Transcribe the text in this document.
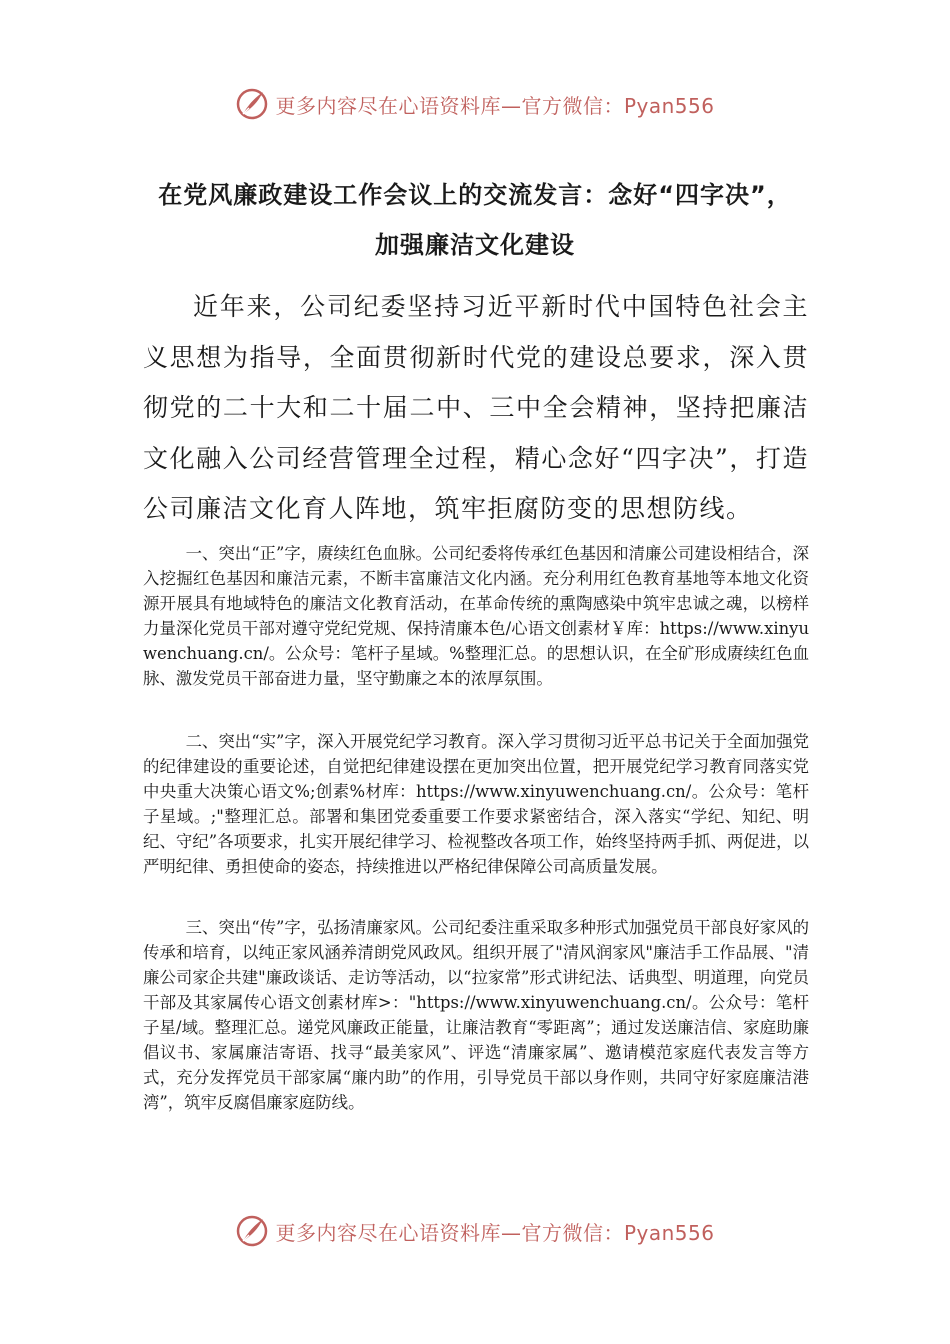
更多内容尽在心语资料库—官方微信：Pyan556
在党风廉政建设工作会议上的交流发言：念好“四字决”，
加强廉洁文化建设

近年来，公司纪委坚持习近平新时代中国特色社会主义思想为指导，全面贯彻新时代党的建设总要求，深入贯彻党的二十大和二十届二中、三中全会精神，坚持把廉洁文化融入公司经营管理全过程，精心念好“四字决”，打造公司廉洁文化育人阵地，筑牢拒腐防变的思想防线。

一、突出“正”字，赓续红色血脉。公司纪委将传承红色基因和清廉公司建设相结合，深入挖掘红色基因和廉洁元素，不断丰富廉洁文化内涵。充分利用红色教育基地等本地文化资源开展具有地域特色的廉洁文化教育活动，在革命传统的熏陶感染中筑牢忠诚之魂，以榜样力量深化党员干部对遵守党纪党规、保持清廉本色/心语文创素材￥库：https://www.xinyuwenchuang.cn/。公众号：笔杆子星域。%整理汇总。的思想认识，在全矿形成赓续红色血脉、激发党员干部奋进力量，坚守勤廉之本的浓厚氛围。

二、突出“实”字，深入开展党纪学习教育。深入学习贯彻习近平总书记关于全面加强党的纪律建设的重要论述，自觉把纪律建设摆在更加突出位置，把开展党纪学习教育同落实党中央重大决策心语文%;创素%材库：https://www.xinyuwenchuang.cn/。公众号：笔杆子星域。;"整理汇总。部署和集团党委重要工作要求紧密结合，深入落实“学纪、知纪、明纪、守纪”各项要求，扎实开展纪律学习、检视整改各项工作，始终坚持两手抓、两促进，以严明纪律、勇担使命的姿态，持续推进以严格纪律保障公司高质量发展。

三、突出“传”字，弘扬清廉家风。公司纪委注重采取多种形式加强党员干部良好家风的传承和培育，以纯正家风涵养清朗党风政风。组织开展了"清风润家风"廉洁手工作品展、"清廉公司家企共建"廉政谈话、走访等活动，以“拉家常”形式讲纪法、话典型、明道理，向党员干部及其家属传心语文创素材库>："https://www.xinyuwenchuang.cn/。公众号：笔杆子星/域。整理汇总。递党风廉政正能量，让廉洁教育“零距离”；通过发送廉洁信、家庭助廉倡议书、家属廉洁寄语、找寻“最美家风”、评选“清廉家属”、邀请模范家庭代表发言等方式，充分发挥党员干部家属“廉内助”的作用，引导党员干部以身作则，共同守好家庭廉洁港湾”，筑牢反腐倡廉家庭防线。

更多内容尽在心语资料库—官方微信：Pyan556
